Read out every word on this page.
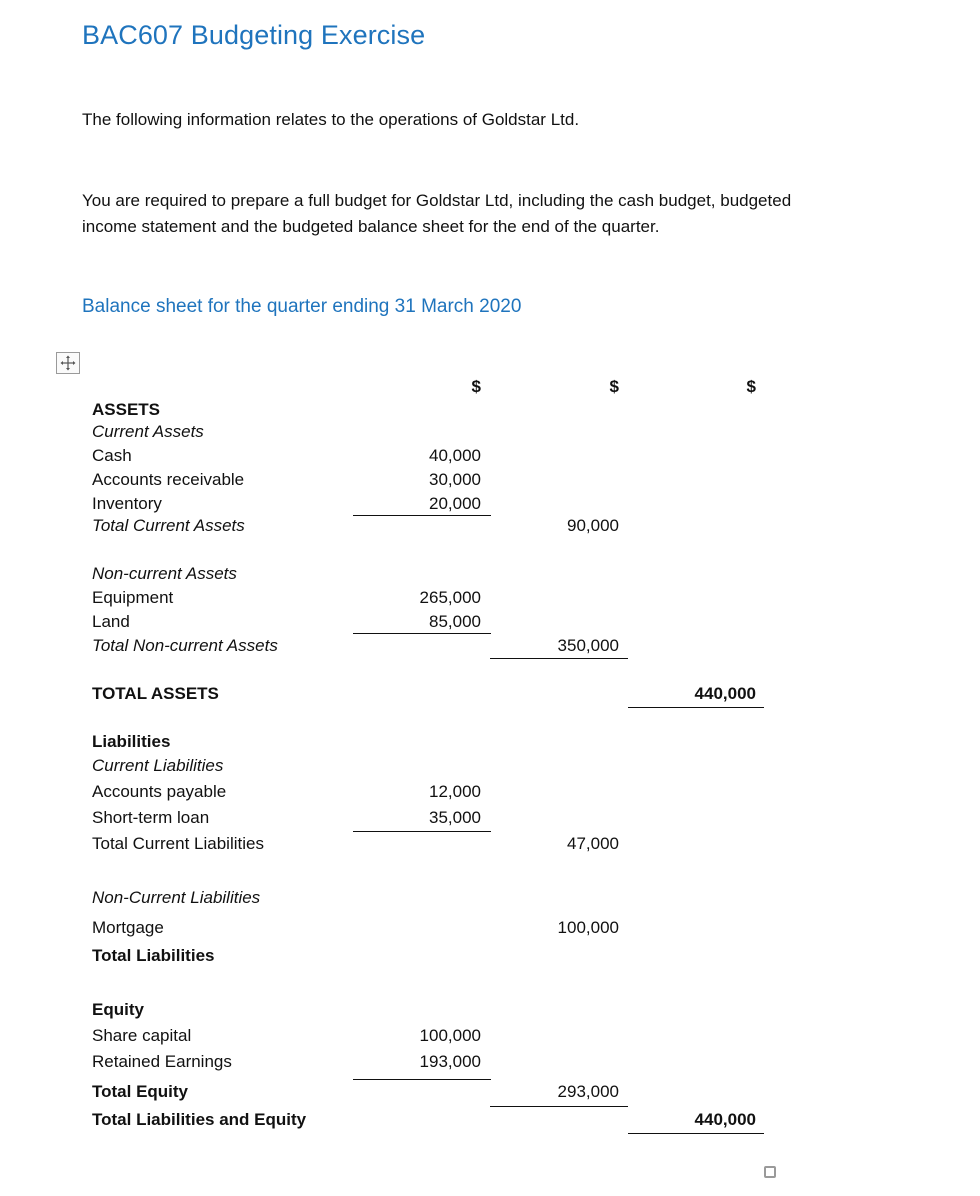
BAC607 Budgeting Exercise
The following information relates to the operations of Goldstar Ltd.
You are required to prepare a full budget for Goldstar Ltd, including the cash budget, budgeted income statement and the budgeted balance sheet for the end of the quarter.
Balance sheet for the quarter ending 31 March 2020
$	$	$
ASSETS
Current Assets
Cash	40,000
Accounts receivable	30,000
Inventory	20,000
Total Current Assets	90,000
Non-current Assets
Equipment	265,000
Land	85,000
Total Non-current Assets	350,000
TOTAL ASSETS	440,000
Liabilities
Current Liabilities
Accounts payable	12,000
Short-term loan	35,000
Total Current Liabilities	47,000
Non-Current Liabilities
Mortgage	100,000
Total Liabilities
Equity
Share capital	100,000
Retained Earnings	193,000
Total Equity	293,000
Total Liabilities and Equity	440,000
